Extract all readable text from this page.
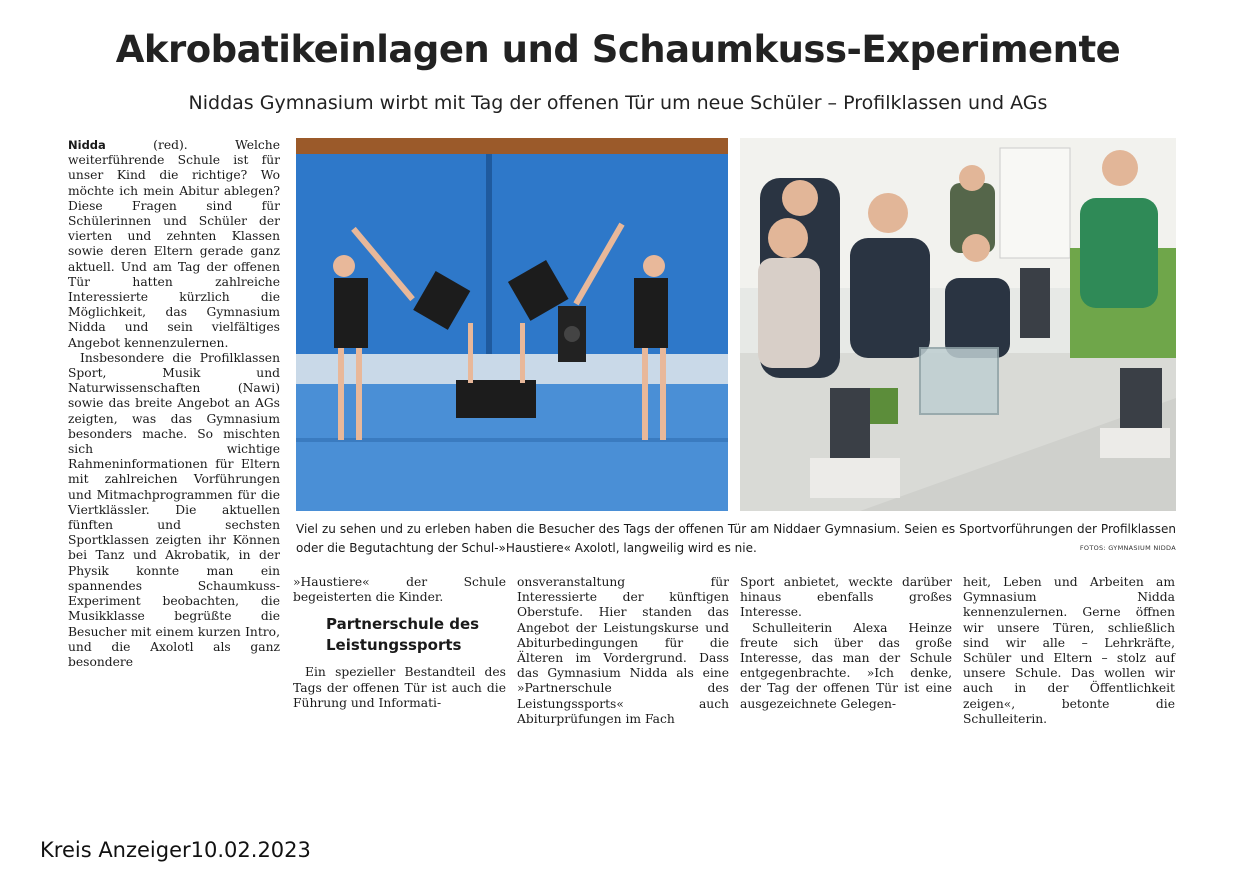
Akrobatikeinlagen und Schaumkuss-Experimente
Niddas Gymnasium wirbt mit Tag der offenen Tür um neue Schüler – Profilklassen und AGs

Nidda (red). Welche weiterführende Schule ist für unser Kind die richtige? Wo möchte ich mein Abitur ablegen? Diese Fragen sind für Schülerinnen und Schüler der vierten und zehnten Klassen sowie deren Eltern gerade ganz aktuell. Und am Tag der offenen Tür hatten zahlreiche Interessierte kürzlich die Möglichkeit, das Gymnasium Nidda und sein vielfältiges Angebot kennenzulernen.

Insbesondere die Profilklassen Sport, Musik und Naturwissenschaften (Nawi) sowie das breite Angebot an AGs zeigten, was das Gymnasium besonders mache. So mischten sich wichtige Rahmeninformationen für Eltern mit zahlreichen Vorführungen und Mitmachprogrammen für die Viertklässler. Die aktuellen fünften und sechsten Sportklassen zeigten ihr Können bei Tanz und Akrobatik, in der Physik konnte man ein spannendes Schaumkuss-Experiment beobachten, die Musikklasse begrüßte die Besucher mit einem kurzen Intro, und die Axolotl als ganz besondere

Viel zu sehen und zu erleben haben die Besucher des Tags der offenen Tür am Niddaer Gymnasium. Seien es Sportvorführungen der Profilklassen oder die Begutachtung der Schul-»Haustiere« Axolotl, langweilig wird es nie.	FOTOS: GYMNASIUM NIDDA

»Haustiere« der Schule begeisterten die Kinder.

Partnerschule des Leistungssports

Ein spezieller Bestandteil des Tags der offenen Tür ist auch die Führung und Informati-

onsveranstaltung für Interessierte der künftigen Oberstufe. Hier standen das Angebot der Leistungskurse und Abiturbedingungen für die Älteren im Vordergrund. Dass das Gymnasium Nidda als eine »Partnerschule des Leistungssports« auch Abiturprüfungen im Fach

Sport anbietet, weckte darüber hinaus ebenfalls großes Interesse.

Schulleiterin Alexa Heinze freute sich über das große Interesse, das man der Schule entgegenbrachte. »Ich denke, der Tag der offenen Tür ist eine ausgezeichnete Gelegen-

heit, Leben und Arbeiten am Gymnasium Nidda kennenzulernen. Gerne öffnen wir unsere Türen, schließlich sind wir alle – Lehrkräfte, Schüler und Eltern – stolz auf unsere Schule. Das wollen wir auch in der Öffentlichkeit zeigen«, betonte die Schulleiterin.

Kreis Anzeiger10.02.2023
